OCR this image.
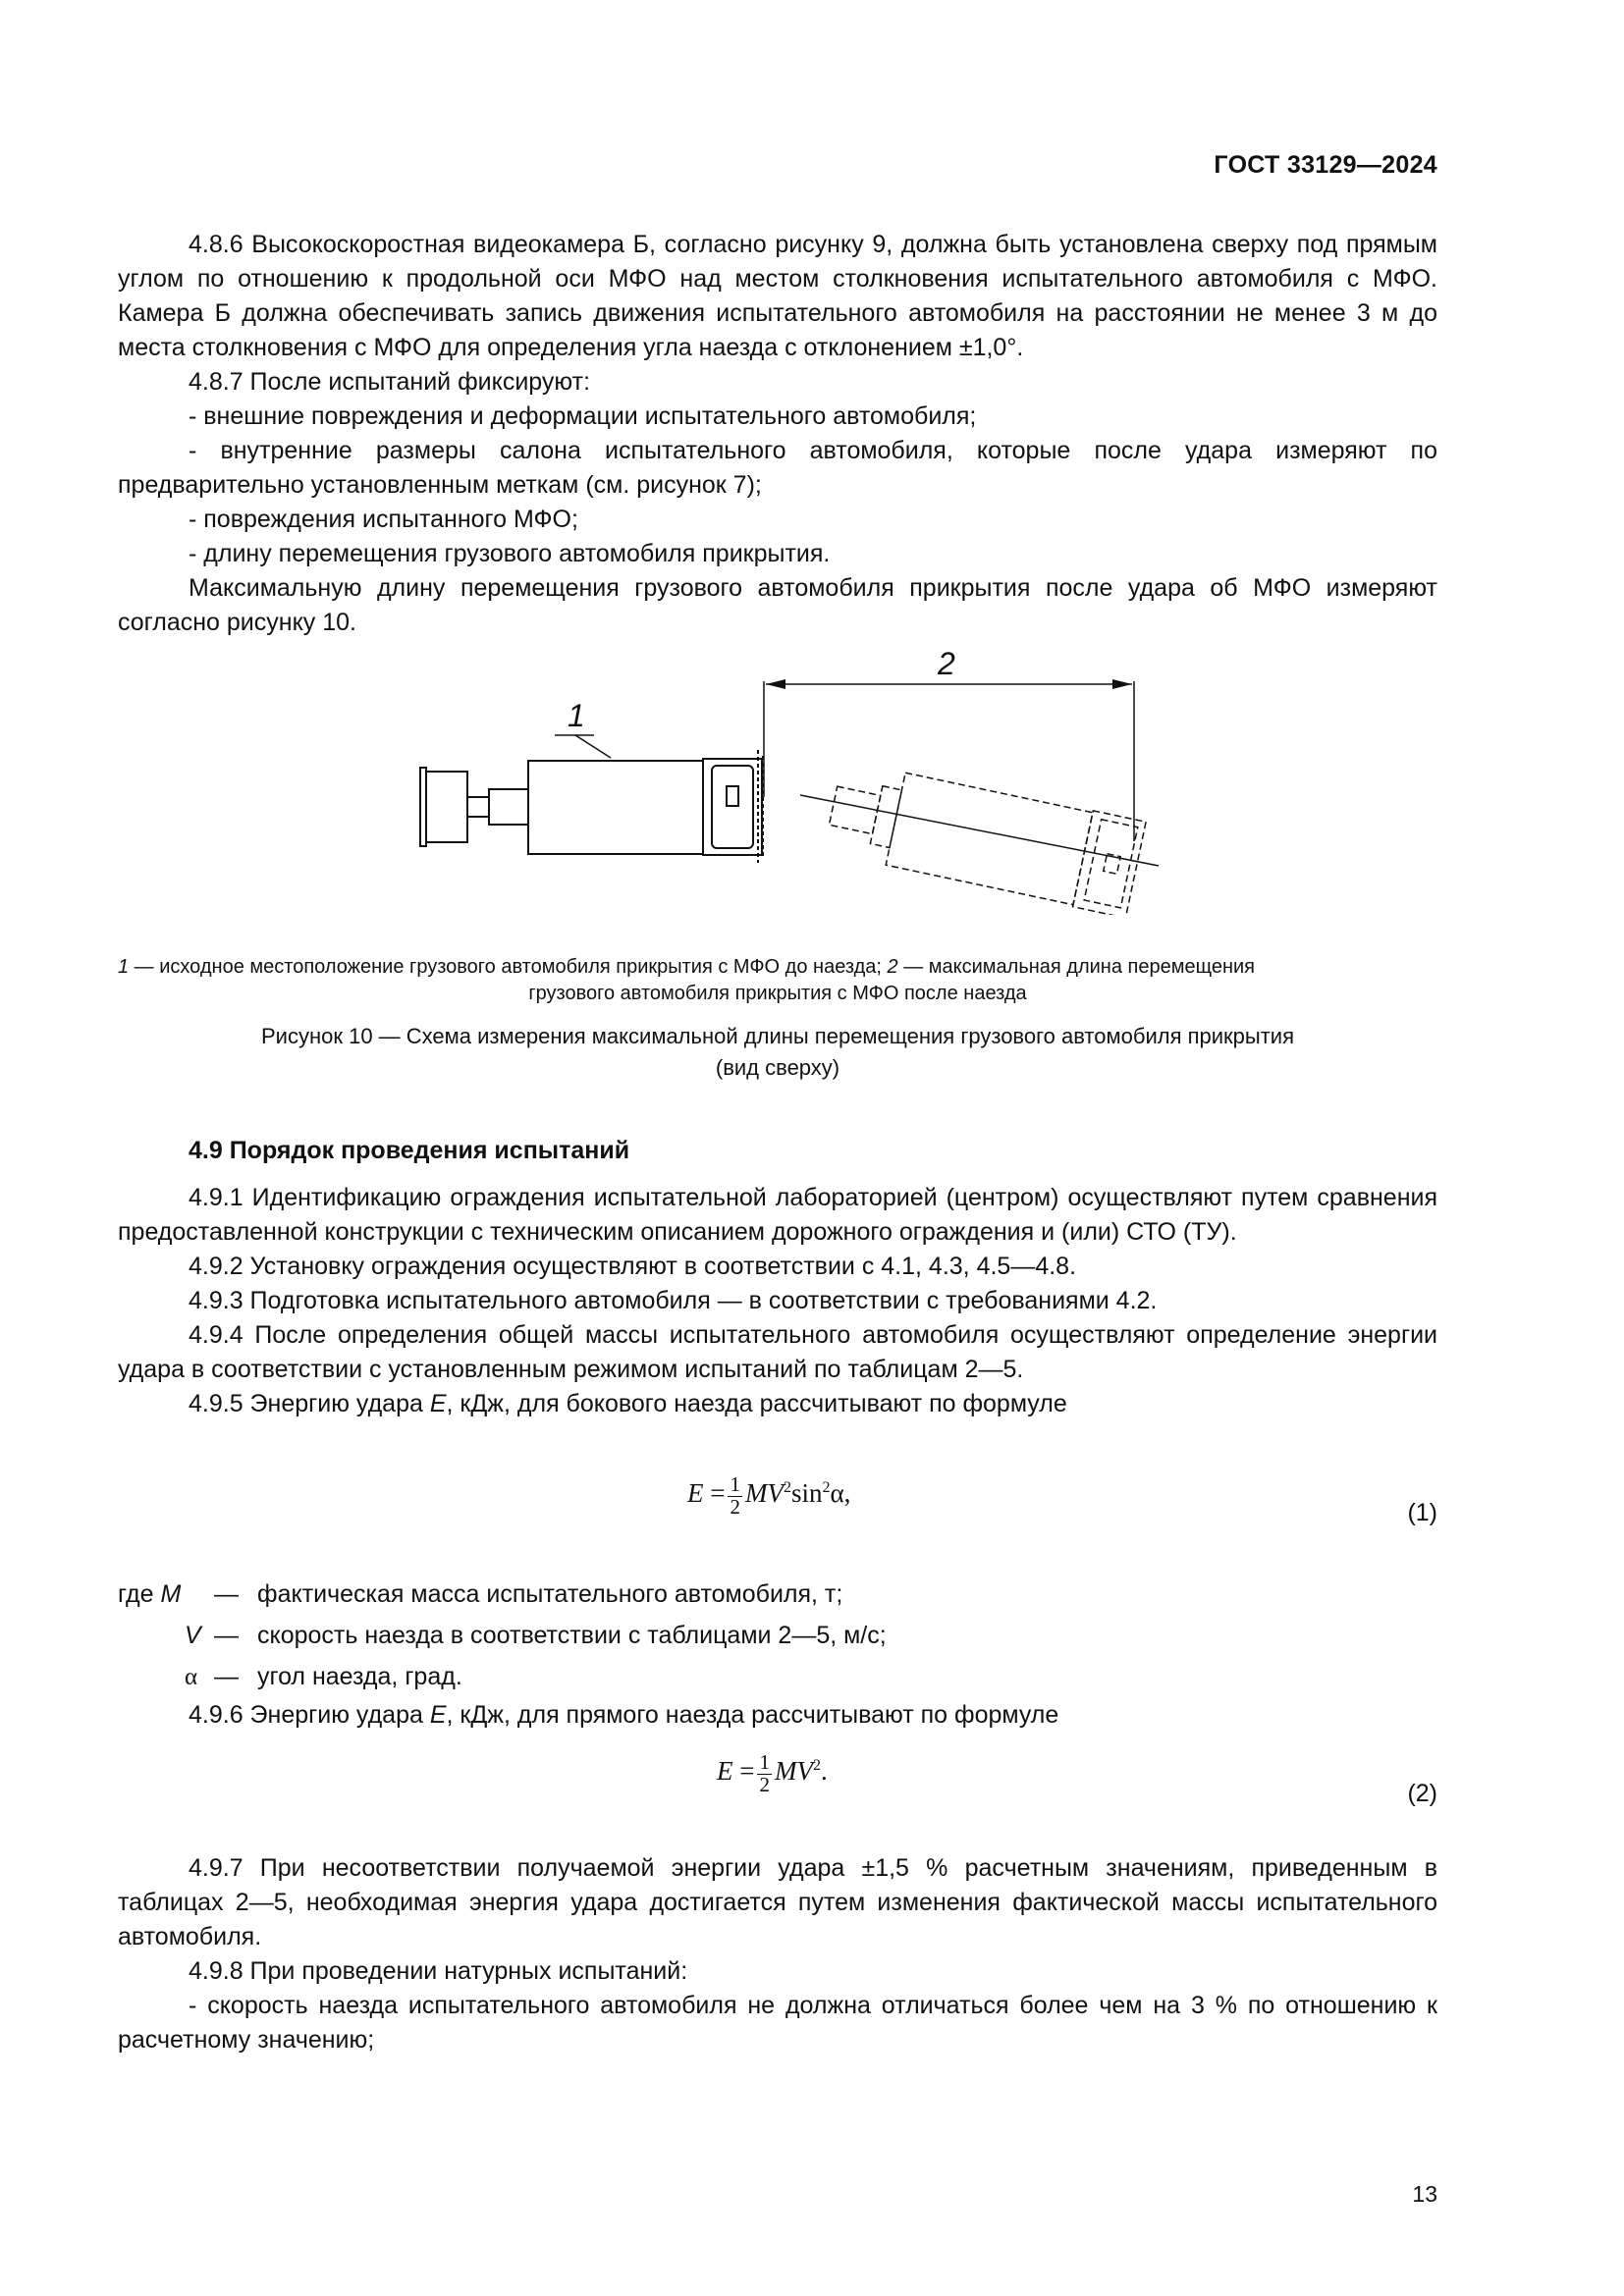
ГОСТ 33129—2024

4.8.6 Высокоскоростная видеокамера Б, согласно рисунку 9, должна быть установлена сверху под прямым углом по отношению к продольной оси МФО над местом столкновения испытательного автомобиля с МФО. Камера Б должна обеспечивать запись движения испытательного автомобиля на расстоянии не менее 3 м до места столкновения с МФО для определения угла наезда с отклонением ±1,0°.

4.8.7 После испытаний фиксируют:

- внешние повреждения и деформации испытательного автомобиля;

- внутренние размеры салона испытательного автомобиля, которые после удара измеряют по предварительно установленным меткам (см. рисунок 7);

- повреждения испытанного МФО;

- длину перемещения грузового автомобиля прикрытия.

Максимальную длину перемещения грузового автомобиля прикрытия после удара об МФО измеряют согласно рисунку 10.

1
2
1 — исходное местоположение грузового автомобиля прикрытия с МФО до наезда; 2 — максимальная длина перемещения
грузового автомобиля прикрытия с МФО после наезда
Рисунок 10 — Схема измерения максимальной длины перемещения грузового автомобиля прикрытия
(вид сверху)
4.9 Порядок проведения испытаний

4.9.1 Идентификацию ограждения испытательной лабораторией (центром) осуществляют путем сравнения предоставленной конструкции с техническим описанием дорожного ограждения и (или) СТО (ТУ).

4.9.2 Установку ограждения осуществляют в соответствии с 4.1, 4.3, 4.5—4.8.

4.9.3 Подготовка испытательного автомобиля — в соответствии с требованиями 4.2.

4.9.4 После определения общей массы испытательного автомобиля осуществляют определение энергии удара в соответствии с установленным режимом испытаний по таблицам 2—5.

4.9.5 Энергию удара E, кДж, для бокового наезда рассчитывают по формуле

$E = \frac{1}{2} MV^2\sin^2\alpha$,
(1)
где M — фактическая масса испытательного автомобиля, т;
V — скорость наезда в соответствии с таблицами 2—5, м/с;
α — угол наезда, град.

4.9.6 Энергию удара E, кДж, для прямого наезда рассчитывают по формуле

$E = \frac{1}{2} MV^2$.
(2)

4.9.7 При несоответствии получаемой энергии удара ±1,5 % расчетным значениям, приведенным в таблицах 2—5, необходимая энергия удара достигается путем изменения фактической массы испытательного автомобиля.

4.9.8 При проведении натурных испытаний:

- скорость наезда испытательного автомобиля не должна отличаться более чем на 3 % по отношению к расчетному значению;

13
